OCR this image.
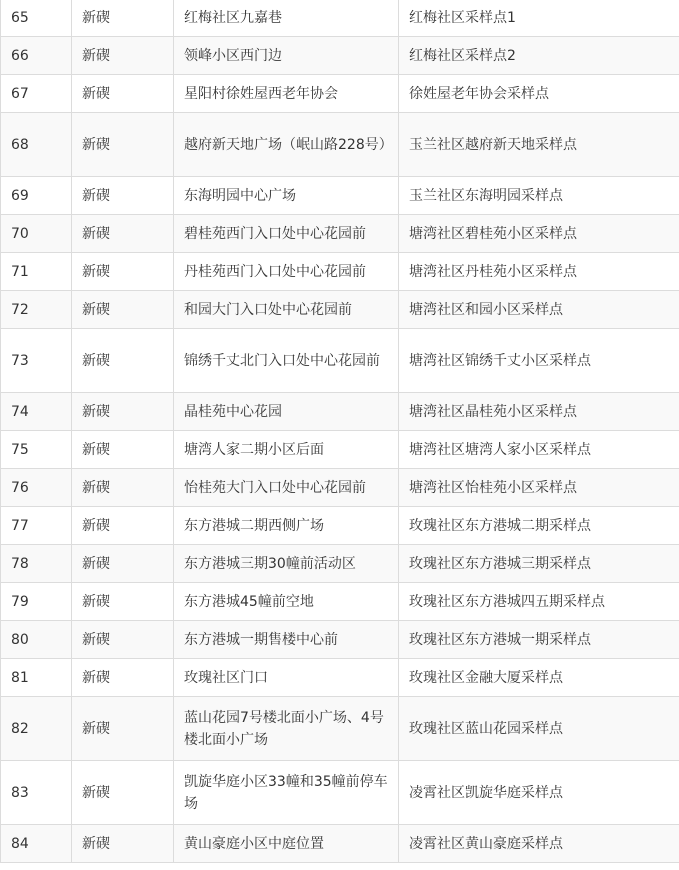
65	新碶	红梅社区九嘉巷	红梅社区采样点1
66	新碶	领峰小区西门边	红梅社区采样点2
67	新碶	星阳村徐姓屋西老年协会	徐姓屋老年协会采样点
68	新碶	越府新天地广场（岷山路228号）	玉兰社区越府新天地采样点
69	新碶	东海明园中心广场	玉兰社区东海明园采样点
70	新碶	碧桂苑西门入口处中心花园前	塘湾社区碧桂苑小区采样点
71	新碶	丹桂苑西门入口处中心花园前	塘湾社区丹桂苑小区采样点
72	新碶	和园大门入口处中心花园前	塘湾社区和园小区采样点
73	新碶	锦绣千丈北门入口处中心花园前	塘湾社区锦绣千丈小区采样点
74	新碶	晶桂苑中心花园	塘湾社区晶桂苑小区采样点
75	新碶	塘湾人家二期小区后面	塘湾社区塘湾人家小区采样点
76	新碶	怡桂苑大门入口处中心花园前	塘湾社区怡桂苑小区采样点
77	新碶	东方港城二期西侧广场	玫瑰社区东方港城二期采样点
78	新碶	东方港城三期30幢前活动区	玫瑰社区东方港城三期采样点
79	新碶	东方港城45幢前空地	玫瑰社区东方港城四五期采样点
80	新碶	东方港城一期售楼中心前	玫瑰社区东方港城一期采样点
81	新碶	玫瑰社区门口	玫瑰社区金融大厦采样点
82	新碶	蓝山花园7号楼北面小广场、4号楼北面小广场	玫瑰社区蓝山花园采样点
83	新碶	凯旋华庭小区33幢和35幢前停车场	凌霄社区凯旋华庭采样点
84	新碶	黄山豪庭小区中庭位置	凌霄社区黄山豪庭采样点
